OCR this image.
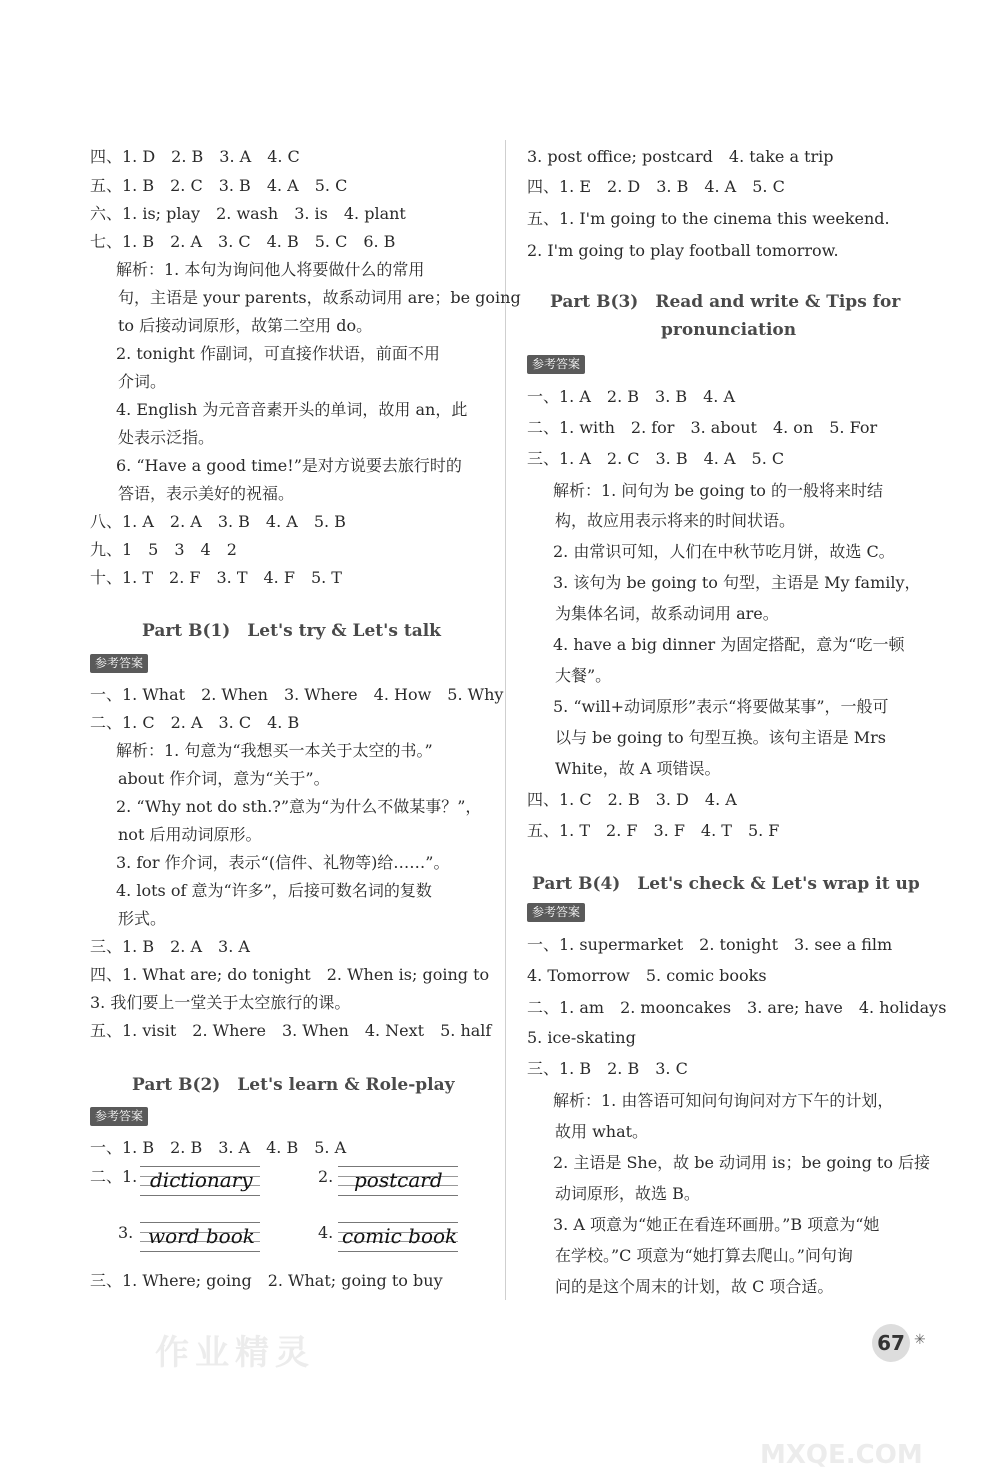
四、1. D　2. B　3. A　4. C
五、1. B　2. C　3. B　4. A　5. C
六、1. is; play　2. wash　3. is　4. plant
七、1. B　2. A　3. C　4. B　5. C　6. B
　解析：1. 本句为询问他人将要做什么的常用
句，主语是 your parents，故系动词用 are；be going
to 后接动词原形，故第二空用 do。
　2. tonight 作副词，可直接作状语，前面不用
介词。
　4. English 为元音音素开头的单词，故用 an，此
处表示泛指。
　6. “Have a good time!”是对方说要去旅行时的
答语，表示美好的祝福。
八、1. A　2. A　3. B　4. A　5. B
九、1　5　3　4　2
十、1. T　2. F　3. T　4. F　5. T
Part B(1)　Let's try & Let's talk
参考答案
一、1. What　2. When　3. Where　4. How　5. Why
二、1. C　2. A　3. C　4. B
　解析：1. 句意为“我想买一本关于太空的书。”
about 作介词，意为“关于”。
　2. “Why not do sth.?”意为“为什么不做某事？”，
not 后用动词原形。
　3. for 作介词，表示“(信件、礼物等)给……”。
　4. lots of 意为“许多”，后接可数名词的复数
形式。
三、1. B　2. A　3. A
四、1. What are; do tonight　2. When is; going to
3. 我们要上一堂关于太空旅行的课。
五、1. visit　2. Where　3. When　4. Next　5. half
Part B(2)　Let's learn & Role-play
参考答案
一、1. B　2. B　3. A　4. B　5. A
二、1. dictionary	2. postcard
3. word book	4. comic book
三、1. Where; going　2. What; going to buy
作业精灵
3. post office; postcard　4. take a trip
四、1. E　2. D　3. B　4. A　5. C
五、1. I'm going to the cinema this weekend.
2. I'm going to play football tomorrow.
Part B(3)　Read and write & Tips for
pronunciation
参考答案
一、1. A　2. B　3. B　4. A
二、1. with　2. for　3. about　4. on　5. For
三、1. A　2. C　3. B　4. A　5. C
　解析：1. 问句为 be going to 的一般将来时结
构，故应用表示将来的时间状语。
　2. 由常识可知，人们在中秋节吃月饼，故选 C。
　3. 该句为 be going to 句型，主语是 My family，
为集体名词，故系动词用 are。
　4. have a big dinner 为固定搭配，意为“吃一顿
大餐”。
　5. “will+动词原形”表示“将要做某事”，一般可
以与 be going to 句型互换。该句主语是 Mrs
White，故 A 项错误。
四、1. C　2. B　3. D　4. A
五、1. T　2. F　3. F　4. T　5. F
Part B(4)　Let's check & Let's wrap it up
参考答案
一、1. supermarket　2. tonight　3. see a film
4. Tomorrow　5. comic books
二、1. am　2. mooncakes　3. are; have　4. holidays
5. ice-skating
三、1. B　2. B　3. C
　解析：1. 由答语可知问句询问对方下午的计划，
故用 what。
　2. 主语是 She，故 be 动词用 is；be going to 后接
动词原形，故选 B。
　3. A 项意为“她正在看连环画册。”B 项意为“她
在学校。”C 项意为“她打算去爬山。”问句询
问的是这个周末的计划，故 C 项合适。
67 ✳
MXQE.COM
